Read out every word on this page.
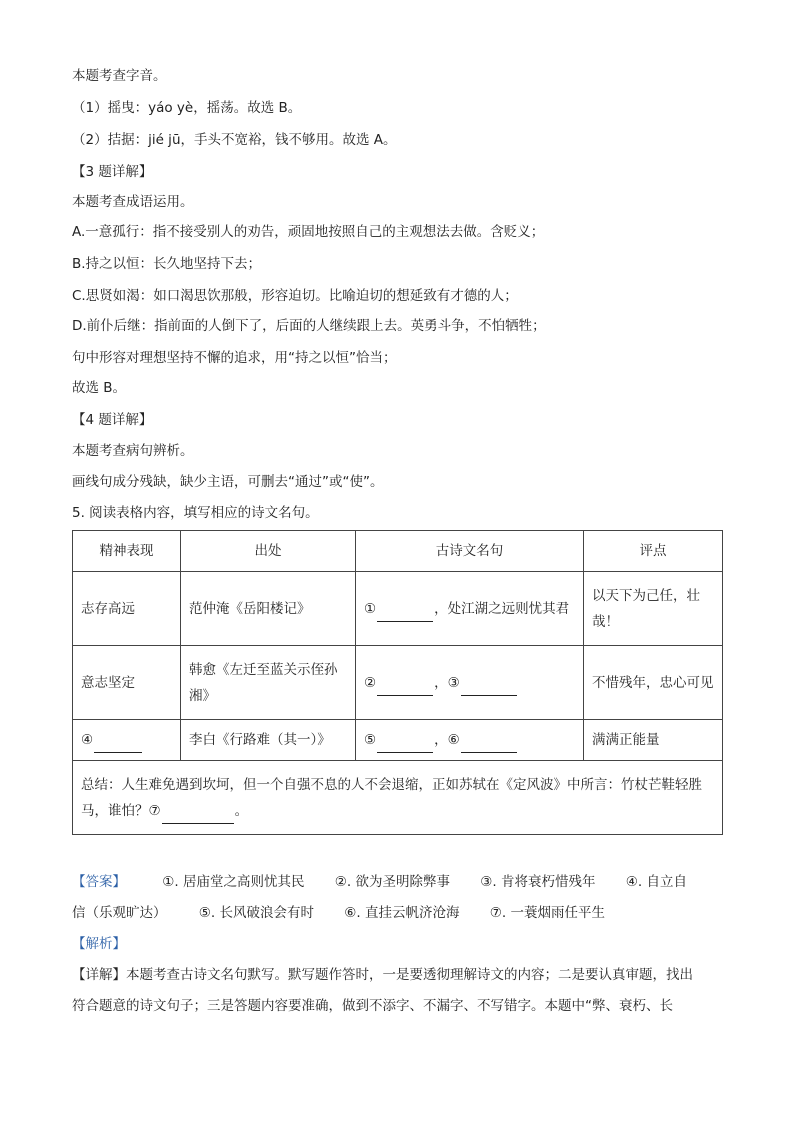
本题考查字音。
（1）摇曳：yáo yè，摇荡。故选 B。
（2）拮据：jié jū，手头不宽裕，钱不够用。故选 A。
【3 题详解】
本题考查成语运用。
A.一意孤行：指不接受别人的劝告，顽固地按照自己的主观想法去做。含贬义；
B.持之以恒：长久地坚持下去；
C.思贤如渴：如口渴思饮那般，形容迫切。比喻迫切的想延致有才德的人；
D.前仆后继：指前面的人倒下了，后面的人继续跟上去。英勇斗争，不怕牺牲；
句中形容对理想坚持不懈的追求，用“持之以恒”恰当；
故选 B。
【4 题详解】
本题考查病句辨析。
画线句成分残缺，缺少主语，可删去“通过”或“使”。
5. 阅读表格内容，填写相应的诗文名句。
精神表现	出处	古诗文名句	评点
志存高远	范仲淹《岳阳楼记》	① ，处江湖之远则忧其君	以天下为己任，壮哉！
意志坚定	韩愈《左迁至蓝关示侄孙湘》	② ，③	不惜残年，忠心可见
④	李白《行路难（其一）》	⑤ ，⑥	满满正能量
总结：人生难免遇到坎坷，但一个自强不息的人不会退缩，正如苏轼在《定风波》中所言：竹杖芒鞋轻胜马，谁怕？⑦ 。			
【答案】	①. 居庙堂之高则忧其民 ②. 欲为圣明除弊事 ③. 肯将衰朽惜残年 ④. 自立自
信（乐观旷达） ⑤. 长风破浪会有时 ⑥. 直挂云帆济沧海 ⑦. 一蓑烟雨任平生
【解析】
【详解】本题考查古诗文名句默写。默写题作答时，一是要透彻理解诗文的内容；二是要认真审题，找出
符合题意的诗文句子；三是答题内容要准确，做到不添字、不漏字、不写错字。本题中“弊、衰朽、长
